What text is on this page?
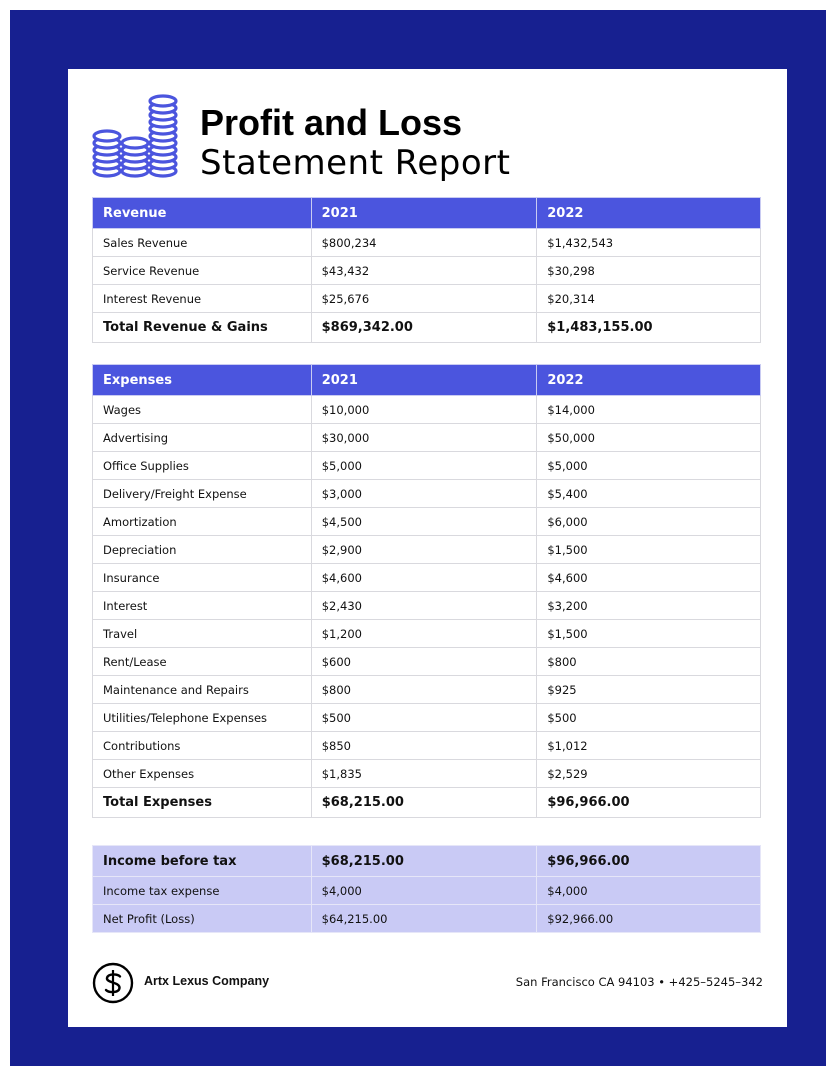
Profit and Loss
Statement Report
Revenue	2021	2022
Sales Revenue	$800,234	$1,432,543
Service Revenue	$43,432	$30,298
Interest Revenue	$25,676	$20,314
Total Revenue & Gains	$869,342.00	$1,483,155.00
Expenses	2021	2022
Wages	$10,000	$14,000
Advertising	$30,000	$50,000
Office Supplies	$5,000	$5,000
Delivery/Freight Expense	$3,000	$5,400
Amortization	$4,500	$6,000
Depreciation	$2,900	$1,500
Insurance	$4,600	$4,600
Interest	$2,430	$3,200
Travel	$1,200	$1,500
Rent/Lease	$600	$800
Maintenance and Repairs	$800	$925
Utilities/Telephone Expenses	$500	$500
Contributions	$850	$1,012
Other Expenses	$1,835	$2,529
Total Expenses	$68,215.00	$96,966.00
Income before tax	$68,215.00	$96,966.00
Income tax expense	$4,000	$4,000
Net Profit (Loss)	$64,215.00	$92,966.00
Artx Lexus Company	San Francisco CA 94103 • +425–5245–342
